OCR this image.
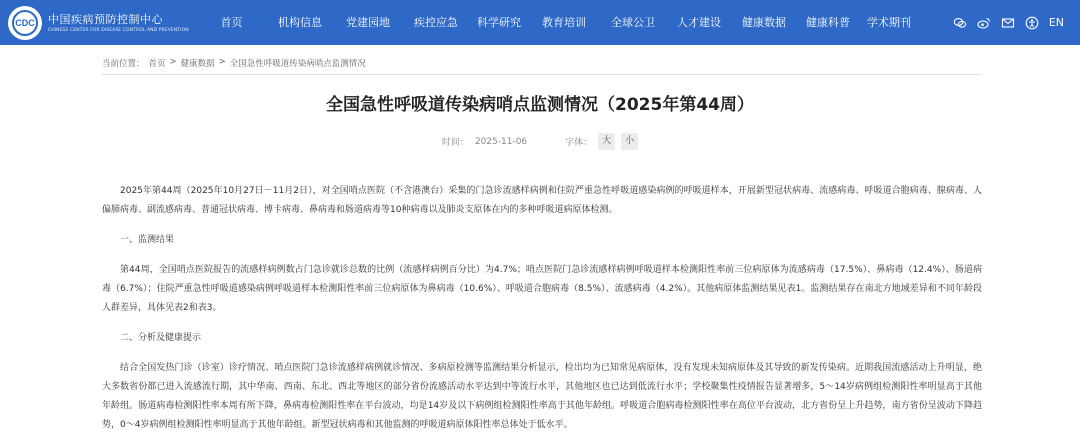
CDC	中国疾病预防控制中心
CHINESE CENTER FOR DISEASE CONTROL AND PREVENTION
首页	机构信息	党建园地	疾控应急	科学研究	教育培训	全球公卫	人才建设	健康数据	健康科普	学术期刊	EN
当前位置： 首页 > 健康数据 > 全国急性呼吸道传染病哨点监测情况
全国急性呼吸道传染病哨点监测情况（2025年第44周）
时间： 2025-11-06	字体：	大	小

2025年第44周（2025年10月27日－11月2日），对全国哨点医院（不含港澳台）采集的门急诊流感样病例和住院严重急性呼吸道感染病例的呼吸道样本，开展新型冠状病毒、流感病毒、呼吸道合胞病毒、腺病毒、人偏肺病毒、副流感病毒、普通冠状病毒、博卡病毒、鼻病毒和肠道病毒等10种病毒以及肺炎支原体在内的多种呼吸道病原体检测。

一、监测结果

第44周，全国哨点医院报告的流感样病例数占门急诊就诊总数的比例（流感样病例百分比）为4.7%；哨点医院门急诊流感样病例呼吸道样本检测阳性率前三位病原体为流感病毒（17.5%）、鼻病毒（12.4%）、肠道病毒（6.7%）；住院严重急性呼吸道感染病例呼吸道样本检测阳性率前三位病原体为鼻病毒（10.6%）、呼吸道合胞病毒（8.5%）、流感病毒（4.2%）。其他病原体监测结果见表1。监测结果存在南北方地域差异和不同年龄段人群差异，具体见表2和表3。

二、分析及健康提示

结合全国发热门诊（诊室）诊疗情况、哨点医院门急诊流感样病例就诊情况、多病原检测等监测结果分析显示，检出均为已知常见病原体，没有发现未知病原体及其导致的新发传染病。近期我国流感活动上升明显，绝大多数省份都已进入流感流行期，其中华南、西南、东北、西北等地区的部分省份流感活动水平达到中等流行水平，其他地区也已达到低流行水平；学校聚集性疫情报告显著增多，5～14岁病例组检测阳性率明显高于其他年龄组。肠道病毒检测阳性率本周有所下降，鼻病毒检测阳性率在平台波动，均是14岁及以下病例组检测阳性率高于其他年龄组。呼吸道合胞病毒检测阳性率在高位平台波动，北方省份呈上升趋势，南方省份呈波动下降趋势，0～4岁病例组检测阳性率明显高于其他年龄组。新型冠状病毒和其他监测的呼吸道病原体阳性率总体处于低水平。
